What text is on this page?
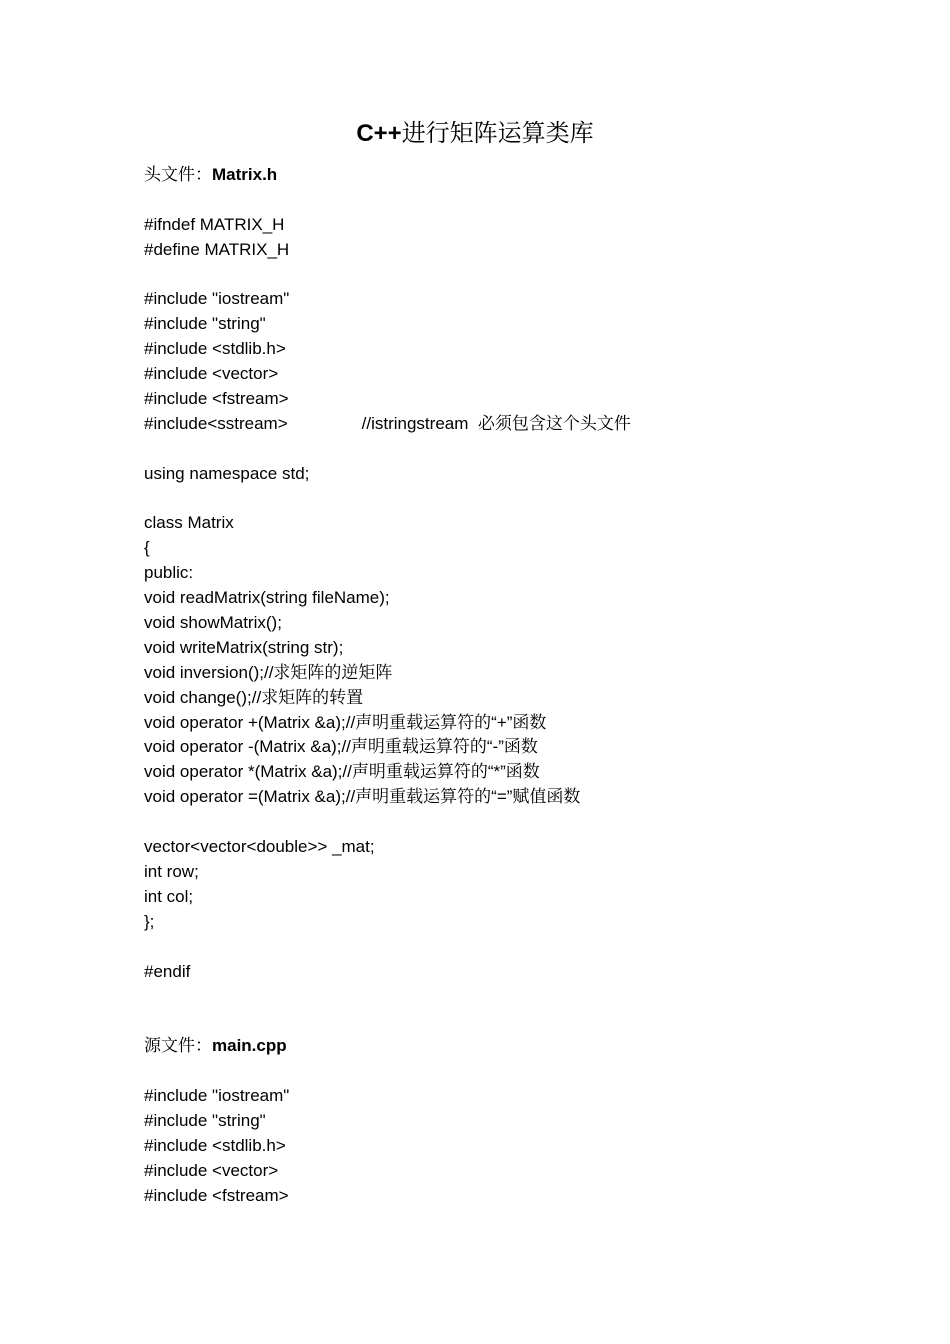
C++进行矩阵运算类库
头文件：Matrix.h
#ifndef MATRIX_H
#define MATRIX_H
#include "iostream"
#include "string"
#include <stdlib.h>
#include <vector>
#include <fstream>
#include<sstream>	//istringstream  必须包含这个头文件
using namespace std;
class Matrix
{
public:
void readMatrix(string fileName);
void showMatrix();
void writeMatrix(string str);
void inversion();//求矩阵的逆矩阵
void change();//求矩阵的转置
void operator +(Matrix &a);//声明重载运算符的“+”函数
void operator -(Matrix &a);//声明重载运算符的“-”函数
void operator *(Matrix &a);//声明重载运算符的“*”函数
void operator =(Matrix &a);//声明重载运算符的“=”赋值函数
vector<vector<double>> _mat;
int row;
int col;
};
#endif
源文件：main.cpp
#include "iostream"
#include "string"
#include <stdlib.h>
#include <vector>
#include <fstream>
